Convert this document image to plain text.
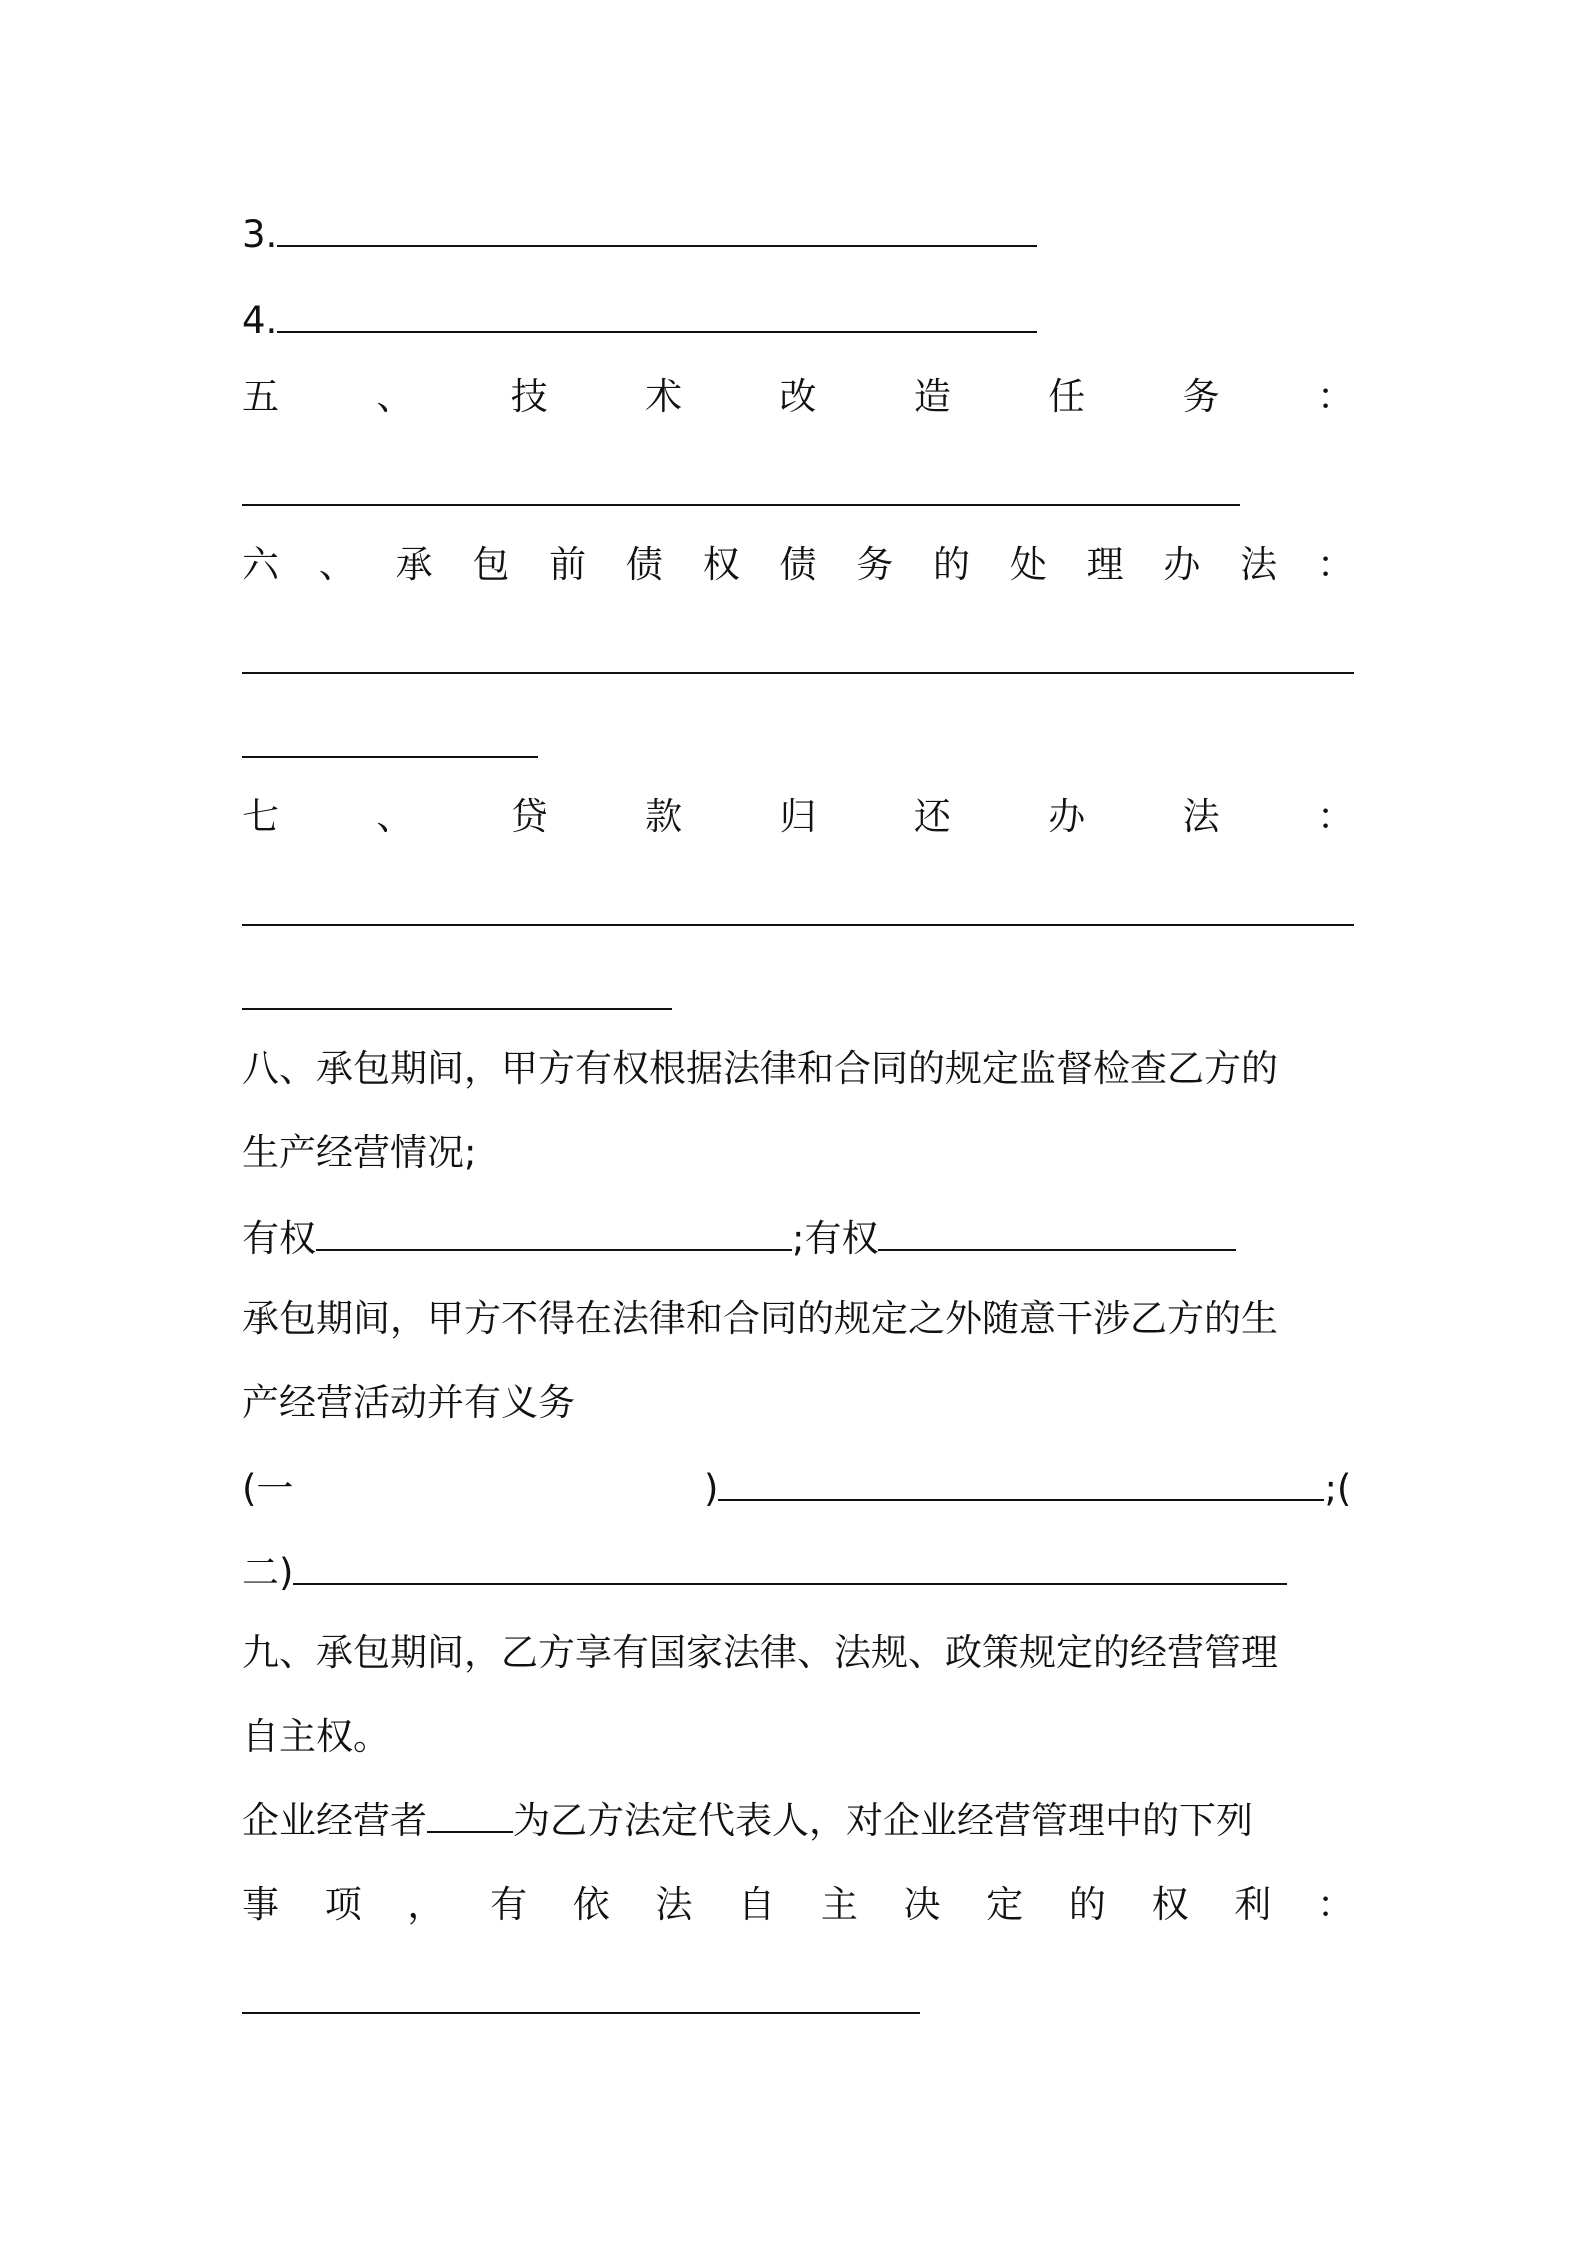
3.
4.
五	、	技	术	改	造	任	务	：
六 、 承 包 前 债 权 债 务 的 处 理 办 法 ：
七	、	贷	款	归	还	办	法	：
八、承包期间，甲方有权根据法律和合同的规定监督检查乙方的
生产经营情况;
有权	;有权
承包期间，甲方不得在法律和合同的规定之外随意干涉乙方的生
产经营活动并有义务
(一	)	;(
二)
九、承包期间，乙方享有国家法律、法规、政策规定的经营管理
自主权。
企业经营者 为乙方法定代表人，对企业经营管理中的下列
事 项 ， 有 依 法 自 主 决 定 的 权 利 ：
